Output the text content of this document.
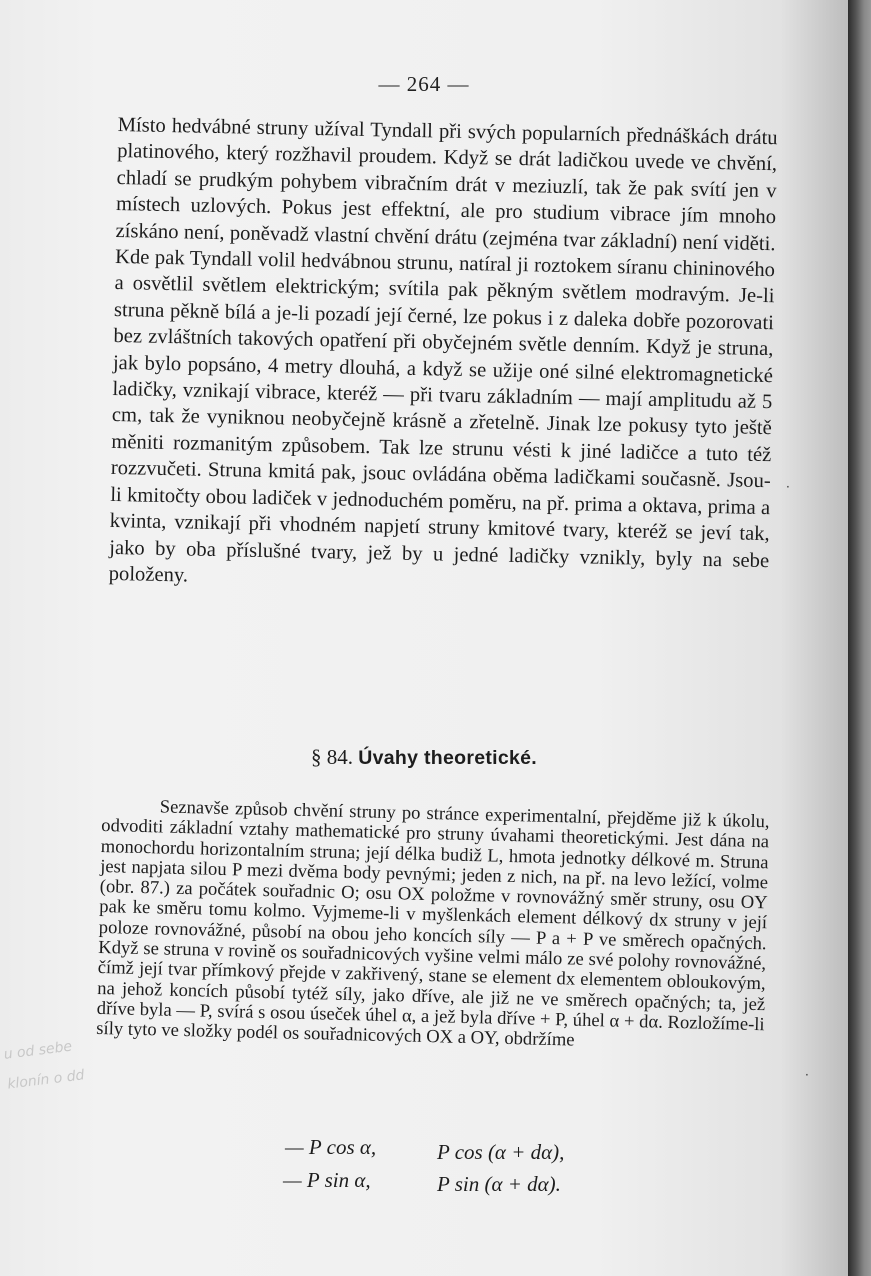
— 264 —

Místo hedvábné struny užíval Tyndall při svých popularních přednáškách drátu platinového, který rozžhavil proudem. Když se drát ladičkou uvede ve chvění, chladí se prudkým pohybem vibračním drát v meziuzlí, tak že pak svítí jen v místech uzlových. Pokus jest effektní, ale pro studium vibrace jím mnoho získáno není, poněvadž vlastní chvění drátu (zejména tvar základní) není viděti. Kde pak Tyndall volil hedvábnou strunu, natíral ji roztokem síranu chininového a osvětlil světlem elektrickým; svítila pak pěkným světlem modravým. Je-li struna pěkně bílá a je-li pozadí její černé, lze pokus i z daleka dobře pozorovati bez zvláštních takových opatření při obyčejném světle denním. Když je struna, jak bylo popsáno, 4 metry dlouhá, a když se užije oné silné elektromagnetické ladičky, vznikají vibrace, kteréž — při tvaru základním — mají amplitudu až 5 cm, tak že vyniknou neobyčejně krásně a zřetelně. Jinak lze pokusy tyto ještě měniti rozmanitým způsobem. Tak lze strunu vésti k jiné ladičce a tuto též rozzvučeti. Struna kmitá pak, jsouc ovládána oběma ladičkami současně. Jsou-li kmitočty obou ladiček v jednoduchém poměru, na př. prima a oktava, prima a kvinta, vznikají při vhodném napjetí struny kmitové tvary, kteréž se jeví tak, jako by oba příslušné tvary, jež by u jedné ladičky vznikly, byly na sebe položeny.

§ 84. Úvahy theoretické.

Seznavše způsob chvění struny po stránce experimentalní, přejděme již k úkolu, odvoditi základní vztahy mathematické pro struny úvahami theoretickými. Jest dána na monochordu horizontalním struna; její délka budiž L, hmota jednotky délkové m. Struna jest napjata silou P mezi dvěma body pevnými; jeden z nich, na př. na levo ležící, volme (obr. 87.) za počátek souřadnic O; osu OX položme v rovnovážný směr struny, osu OY pak ke směru tomu kolmo. Vyjmeme-li v myšlenkách element délkový dx struny v její poloze rovnovážné, působí na obou jeho koncích síly — P a + P ve směrech opačných. Když se struna v rovině os souřadnicových vyšine velmi málo ze své polohy rovnovážné, čímž její tvar přímkový přejde v zakřivený, stane se element dx elementem obloukovým, na jehož koncích působí tytéž síly, jako dříve, ale již ne ve směrech opačných; ta, jež dříve byla — P, svírá s osou úseček úhel α, a jež byla dříve + P, úhel α + dα. Rozložíme-li síly tyto ve složky podél os souřadnicových OX a OY, obdržíme

— P cos α,	P cos (α + dα),
— P sin α,	P sin (α + dα).
u od sebe klonín o dd
·
·
